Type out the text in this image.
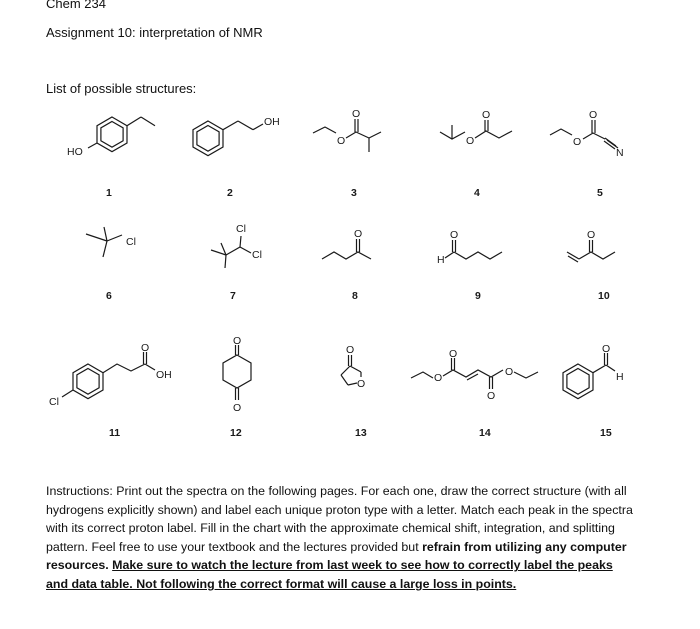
Chem 234
Assignment 10: interpretation of NMR
List of possible structures:
HO
1
OH
2
O
O
3
O
O
4
O
O
N
5
Cl
6
Cl
Cl
7
O
8
H
O
9
O
10
Cl
O
OH
11
O
O
12
O
O
13
O
O
O
O
14
O
H
15
Instructions: Print out the spectra on the following pages. For each one, draw the correct structure (with all hydrogens explicitly shown) and label each unique proton type with a letter. Match each peak in the spectra with its correct proton label. Fill in the chart with the approximate chemical shift, integration, and splitting pattern. Feel free to use your textbook and the lectures provided but refrain from utilizing any computer resources. Make sure to watch the lecture from last week to see how to correctly label the peaks and data table. Not following the correct format will cause a large loss in points.
